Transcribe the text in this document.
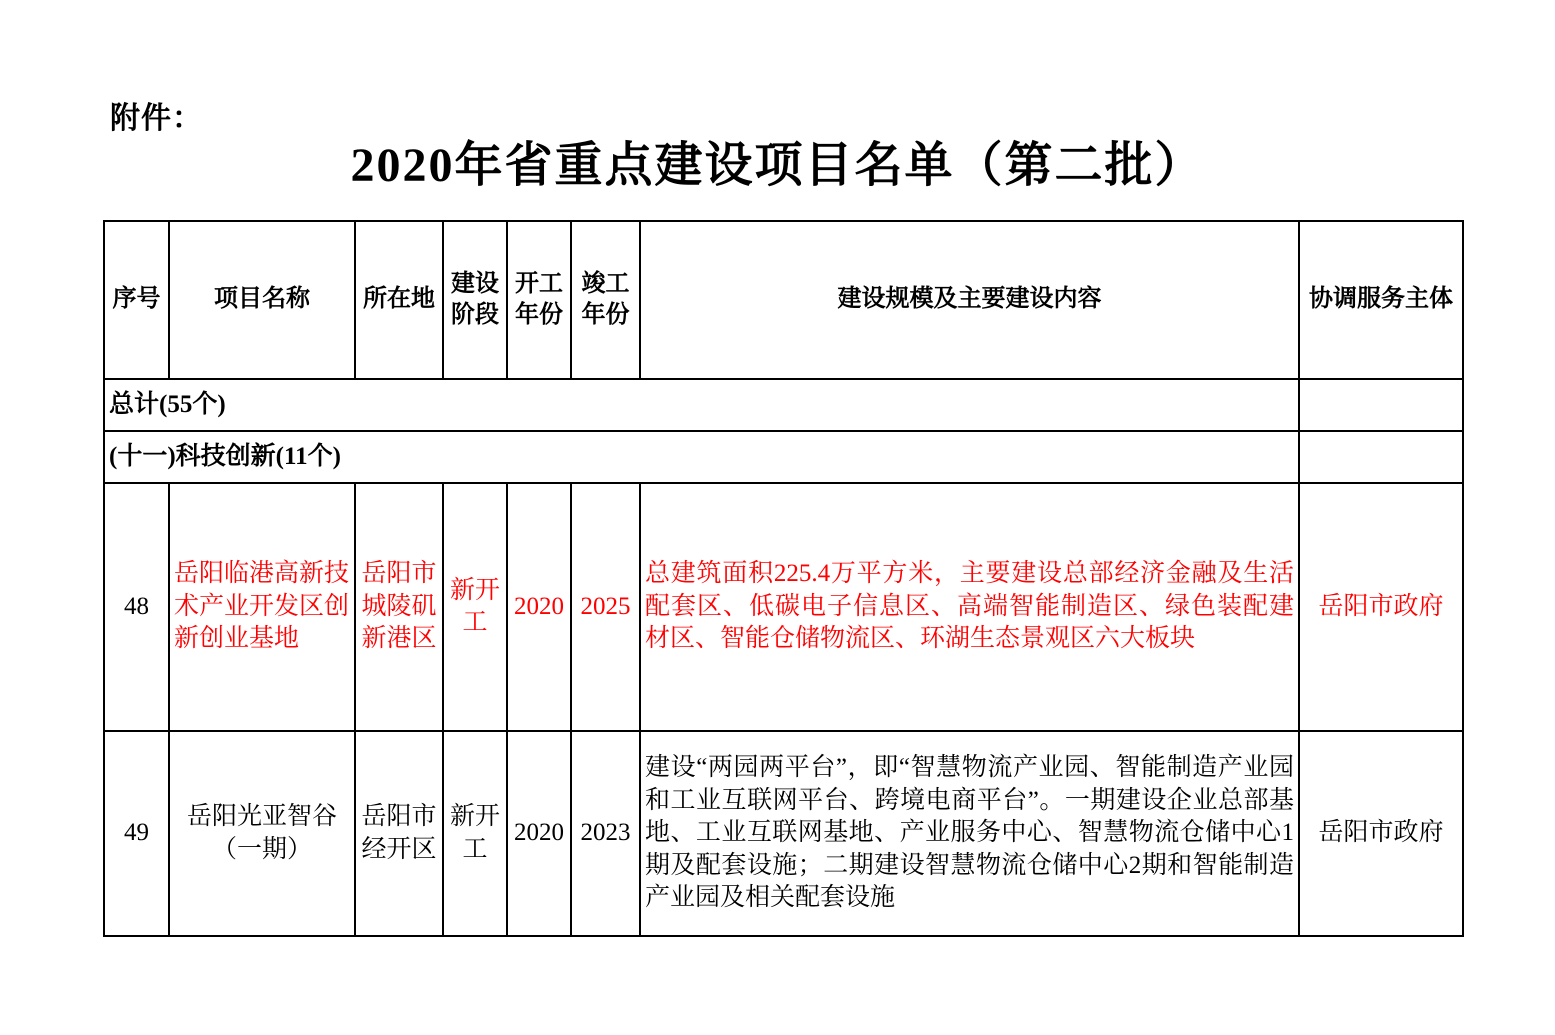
附件：
2020年省重点建设项目名单（第二批）
序号	项目名称	所在地	建设阶段	开工年份	竣工年份	建设规模及主要建设内容	协调服务主体
总计(55个)							
(十一)科技创新(11个)							
48	岳阳临港高新技术产业开发区创新创业基地	岳阳市城陵矶新港区	新开工	2020	2025	总建筑面积225.4万平方米，主要建设总部经济金融及生活配套区、低碳电子信息区、高端智能制造区、绿色装配建材区、智能仓储物流区、环湖生态景观区六大板块	岳阳市政府
49	岳阳光亚智谷（一期）	岳阳市经开区	新开工	2020	2023	建设“两园两平台”，即“智慧物流产业园、智能制造产业园和工业互联网平台、跨境电商平台”。一期建设企业总部基地、工业互联网基地、产业服务中心、智慧物流仓储中心1期及配套设施；二期建设智慧物流仓储中心2期和智能制造产业园及相关配套设施	岳阳市政府
